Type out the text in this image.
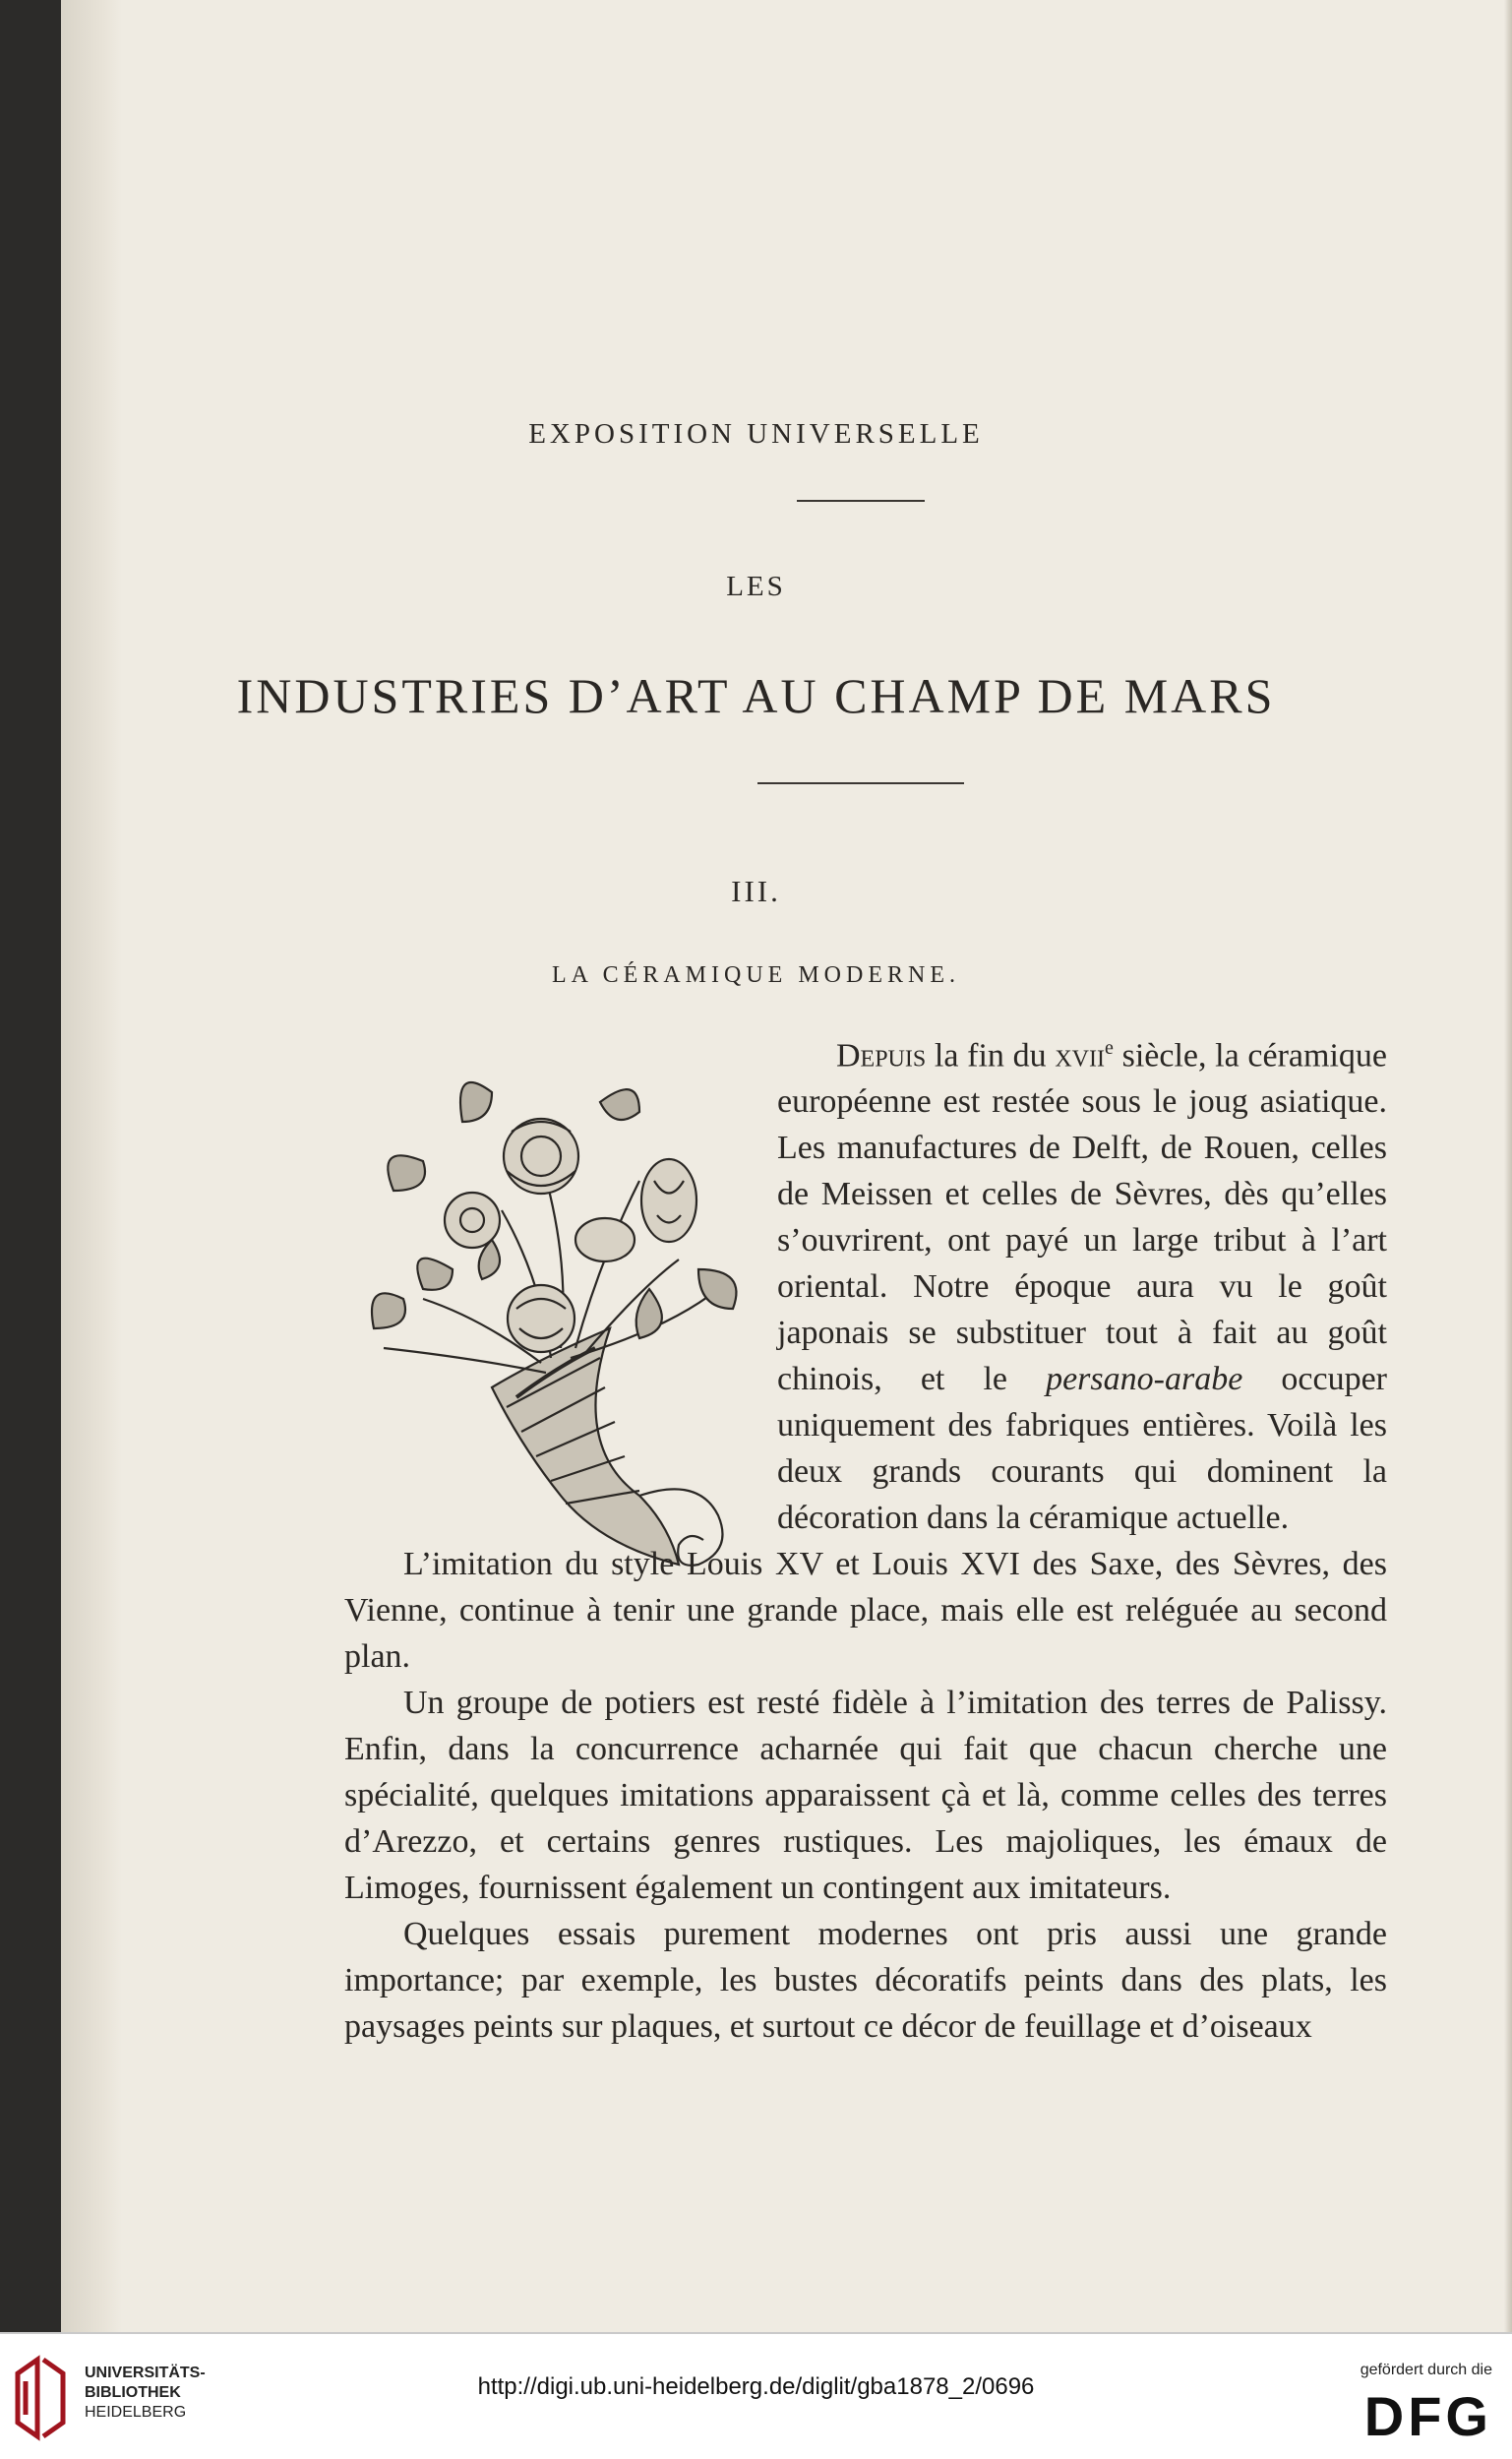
EXPOSITION UNIVERSELLE
LES
INDUSTRIES D’ART AU CHAMP DE MARS
III.
LA CÉRAMIQUE MODERNE.
Depuis la fin du xvii$^e$ siècle, la céramique européenne est restée sous le joug asiatique. Les manufactures de Delft, de Rouen, celles de Meissen et celles de Sèvres, dès qu’elles s’ouvrirent, ont payé un large tribut à l’art oriental. Notre époque aura vu le goût japonais se substituer tout à fait au goût chinois, et le persano-arabe occuper uniquement des fabriques entières. Voilà les deux grands courants qui dominent la décoration dans la céramique actuelle.
L’imitation du style Louis XV et Louis XVI des Saxe, des Sèvres, des Vienne, continue à tenir une grande place, mais elle est reléguée au second plan.
Un groupe de potiers est resté fidèle à l’imitation des terres de Palissy. Enfin, dans la concurrence acharnée qui fait que chacun cherche une spécialité, quelques imitations apparaissent çà et là, comme celles des terres d’Arezzo, et certains genres rustiques. Les majoliques, les émaux de Limoges, fournissent également un contingent aux imitateurs.
Quelques essais purement modernes ont pris aussi une grande importance; par exemple, les bustes décoratifs peints dans des plats, les paysages peints sur plaques, et surtout ce décor de feuillage et d’oiseaux
UNIVERSITÄTS-
BIBLIOTHEK
HEIDELBERG
http://digi.ub.uni-heidelberg.de/diglit/gba1878_2/0696
gefördert durch die
DFG
